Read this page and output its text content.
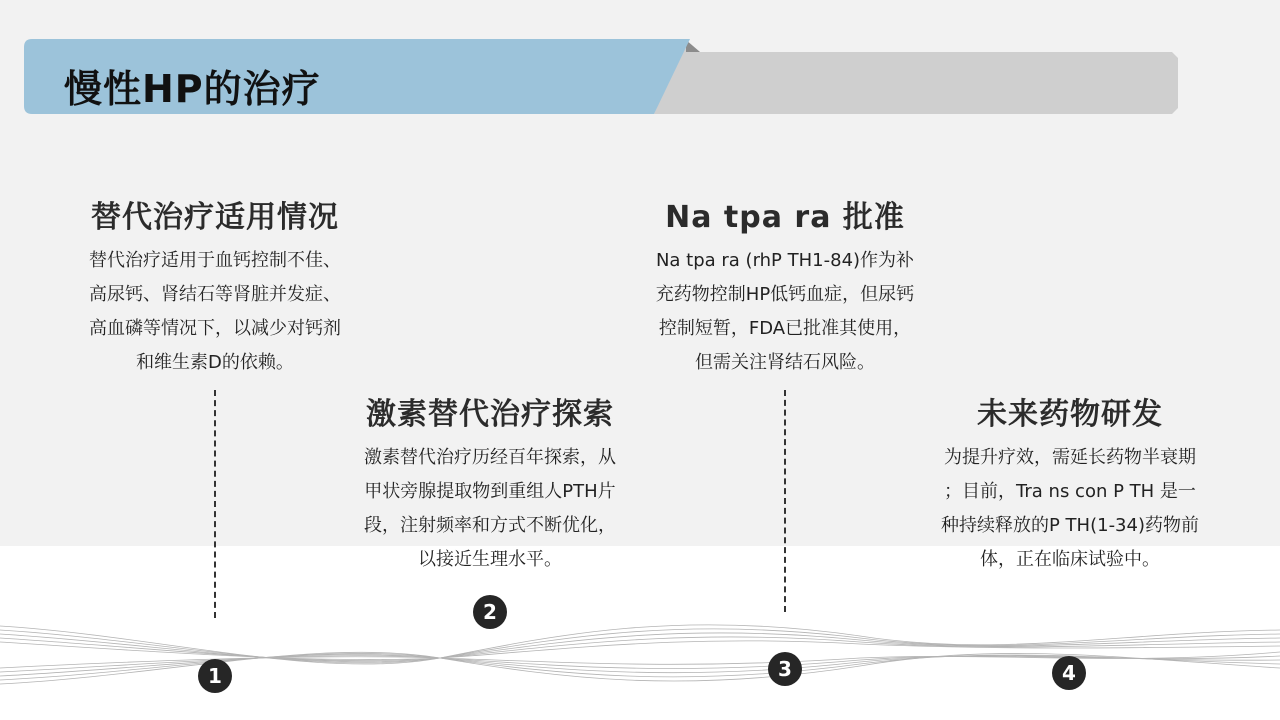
慢性HP的治疗
替代治疗适用情况

替代治疗适用于血钙控制不佳、
高尿钙、肾结石等肾脏并发症、
高血磷等情况下，以减少对钙剂
和维生素D的依赖。

激素替代治疗探索

激素替代治疗历经百年探索，从
甲状旁腺提取物到重组人PTH片
段，注射频率和方式不断优化，
以接近生理水平。

Na tpa ra 批准

Na tpa ra (rhP TH1-84)作为补
充药物控制HP低钙血症，但尿钙
控制短暂，FDA已批准其使用，
但需关注肾结石风险。

未来药物研发

为提升疗效，需延长药物半衰期
；目前，Tra ns con P TH 是一
种持续释放的P TH(1-34)药物前
体，正在临床试验中。

1
2
3	4
